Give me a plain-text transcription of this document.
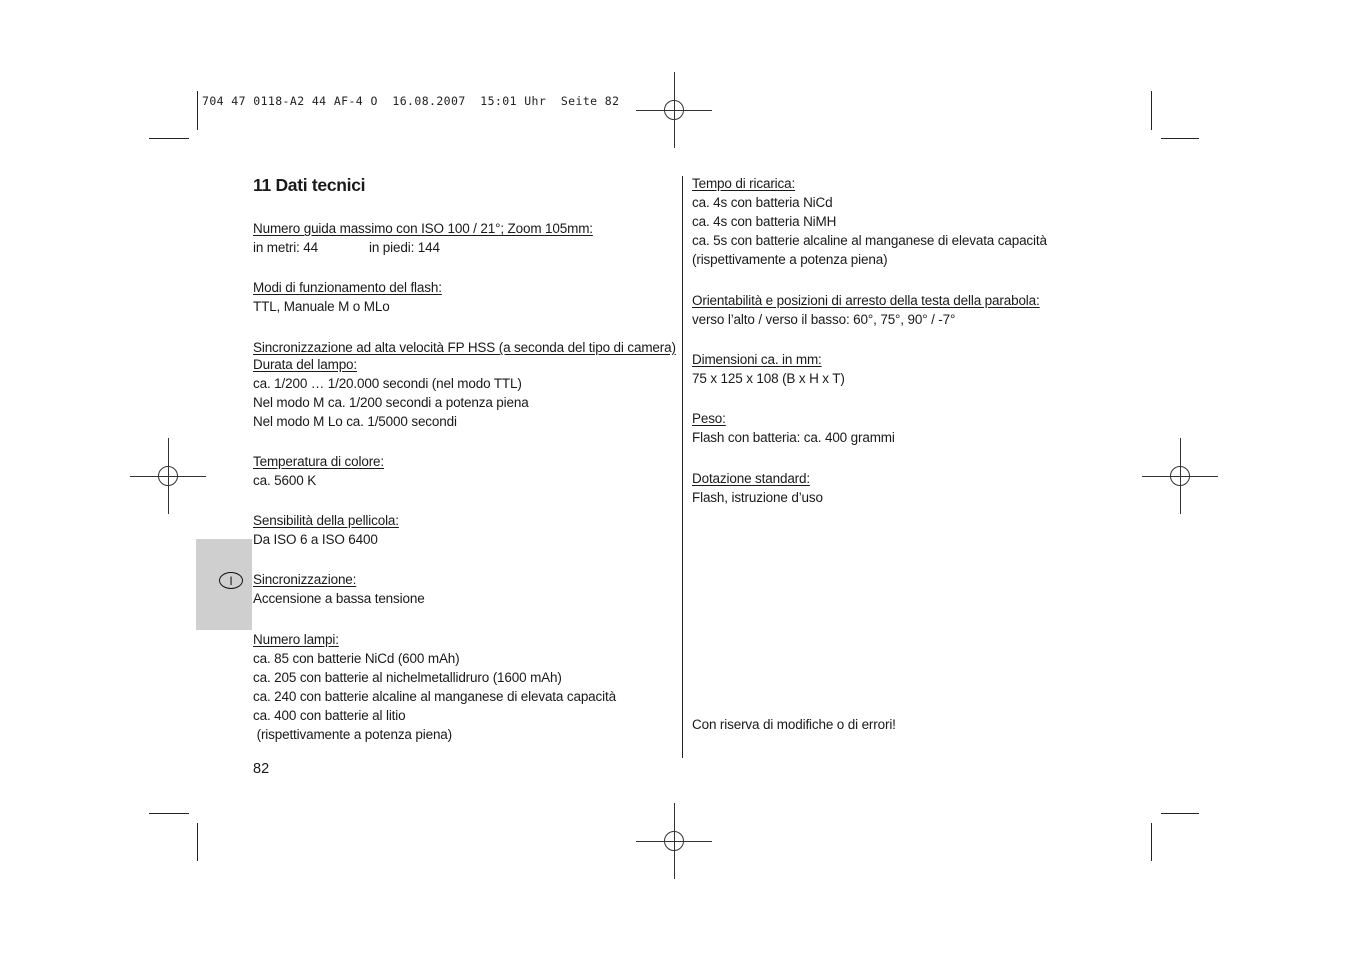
704 47 0118-A2 44 AF-4 O  16.08.2007  15:01 Uhr  Seite 82
I
11 Dati tecnici
Numero guida massimo con ISO 100 / 21°; Zoom 105mm:
in metri: 44	in piedi: 144
Modi di funzionamento del flash:
TTL, Manuale M o MLo
Sincronizzazione ad alta velocità FP HSS (a seconda del tipo di camera)
Durata del lampo:
ca. 1/200 … 1/20.000 secondi (nel modo TTL)
Nel modo M ca. 1/200 secondi a potenza piena
Nel modo M Lo ca. 1/5000 secondi
Temperatura di colore:
ca. 5600 K
Sensibilità della pellicola:
Da ISO 6 a ISO 6400
Sincronizzazione:
Accensione a bassa tensione
Numero lampi:
ca. 85 con batterie NiCd (600 mAh)
ca. 205 con batterie al nichelmetallidruro (1600 mAh)
ca. 240 con batterie alcaline al manganese di elevata capacità
ca. 400 con batterie al litio
(rispettivamente a potenza piena)
Tempo di ricarica:
ca. 4s con batteria NiCd
ca. 4s con batteria NiMH
ca. 5s con batterie alcaline al manganese di elevata capacità
(rispettivamente a potenza piena)
Orientabilità e posizioni di arresto della testa della parabola:
verso l’alto / verso il basso: 60°, 75°, 90° / -7°
Dimensioni ca. in mm:
75 x 125 x 108 (B x H x T)
Peso:
Flash con batteria: ca. 400 grammi
Dotazione standard:
Flash, istruzione d’uso
Con riserva di modifiche o di errori!
82
